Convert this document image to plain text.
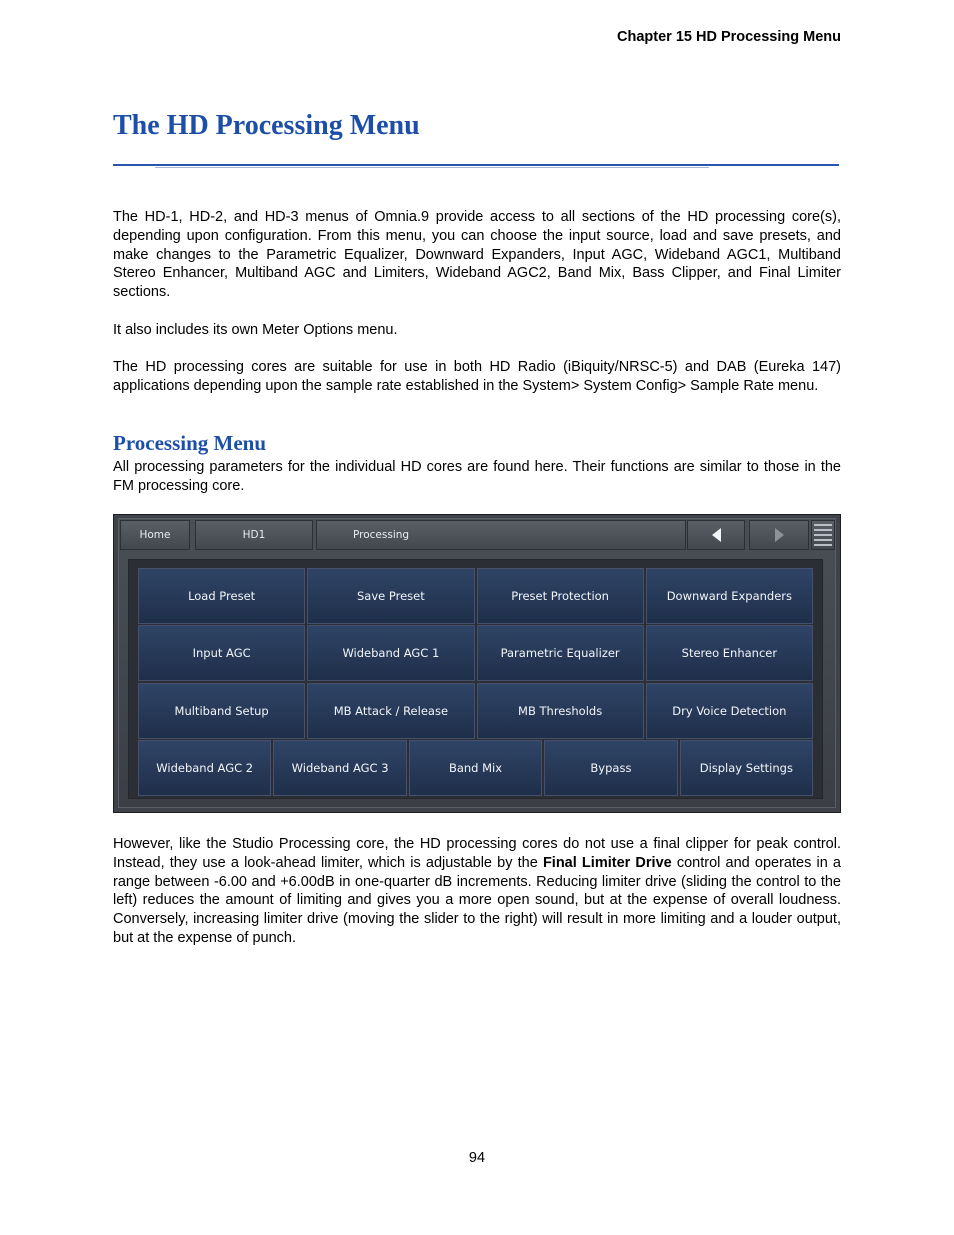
Chapter 15 HD Processing Menu
The HD Processing Menu

The HD-1, HD-2, and HD-3 menus of Omnia.9 provide access to all sections of the HD processing core(s), depending upon configuration. From this menu, you can choose the input source, load and save presets, and make changes to the Parametric Equalizer, Downward Expanders, Input AGC, Wideband AGC1, Multiband Stereo Enhancer, Multiband AGC and Limiters, Wideband AGC2, Band Mix, Bass Clipper, and Final Limiter sections.

It also includes its own Meter Options menu.

The HD processing cores are suitable for use in both HD Radio (iBiquity/NRSC-5) and DAB (Eureka 147) applications depending upon the sample rate established in the System> System Config> Sample Rate menu.

Processing Menu

All processing parameters for the individual HD cores are found here. Their functions are similar to those in the FM processing core.

Home	HD1	Processing
Load Preset	Save Preset	Preset Protection	Downward Expanders
Input AGC	Wideband AGC 1	Parametric Equalizer	Stereo Enhancer
Multiband Setup	MB Attack / Release	MB Thresholds	Dry Voice Detection
Wideband AGC 2	Wideband AGC 3	Band Mix	Bypass	Display Settings

However, like the Studio Processing core, the HD processing cores do not use a final clipper for peak control. Instead, they use a look-ahead limiter, which is adjustable by the Final Limiter Drive control and operates in a range between -6.00 and +6.00dB in one-quarter dB increments. Reducing limiter drive (sliding the control to the left) reduces the amount of limiting and gives you a more open sound, but at the expense of overall loudness. Conversely, increasing limiter drive (moving the slider to the right) will result in more limiting and a louder output, but at the expense of punch.

94
